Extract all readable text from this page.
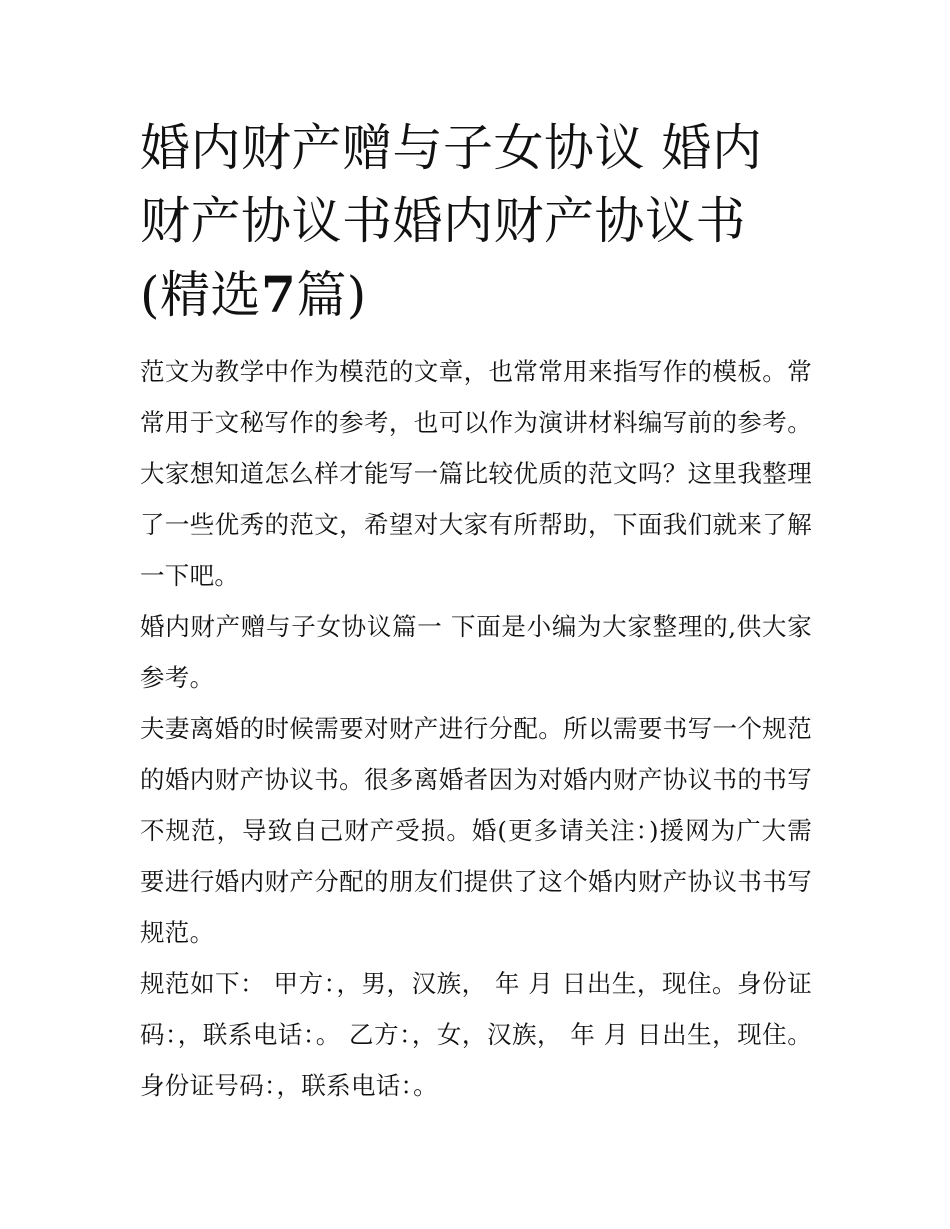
婚内财产赠与子女协议 婚内财产协议书婚内财产协议书(精选7篇)

范文为教学中作为模范的文章，也常常用来指写作的模板。常常用于文秘写作的参考，也可以作为演讲材料编写前的参考。大家想知道怎么样才能写一篇比较优质的范文吗？这里我整理了一些优秀的范文，希望对大家有所帮助，下面我们就来了解一下吧。

婚内财产赠与子女协议篇一 下面是小编为大家整理的,供大家参考。

夫妻离婚的时候需要对财产进行分配。所以需要书写一个规范的婚内财产协议书。很多离婚者因为对婚内财产协议书的书写不规范，导致自己财产受损。婚(更多请关注：)援网为广大需要进行婚内财产分配的朋友们提供了这个婚内财产协议书书写规范。

规范如下： 甲方：，男，汉族， 年 月 日出生，现住。身份证码：，联系电话：。 乙方：，女，汉族， 年 月 日出生，现住。身份证号码：，联系电话：。
